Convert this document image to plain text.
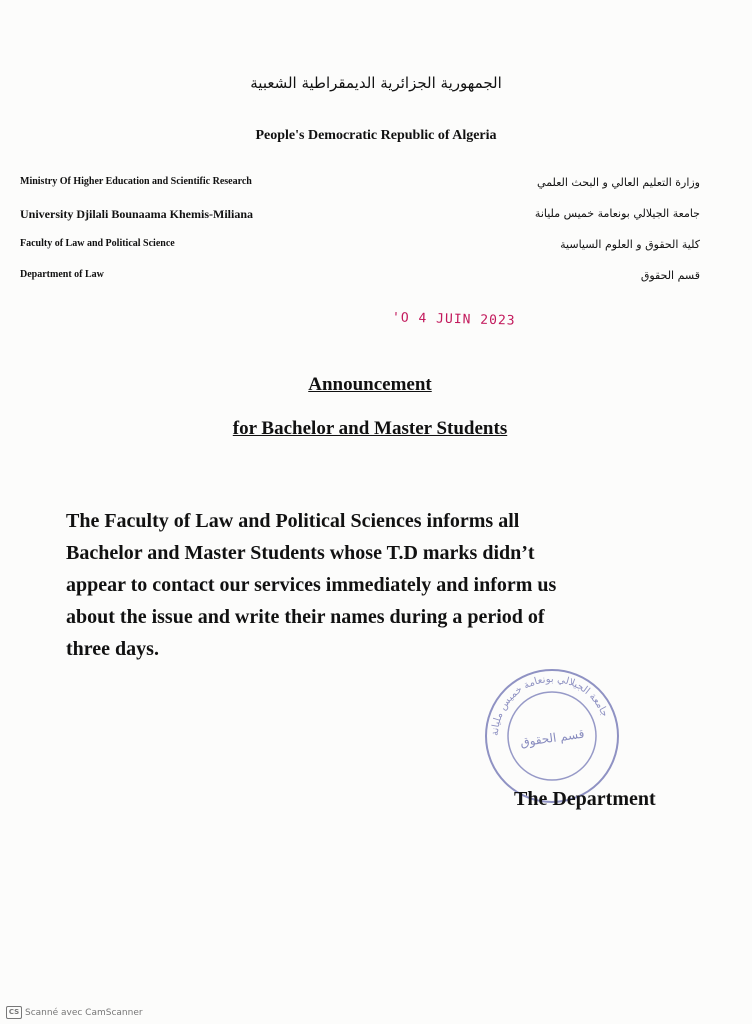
الجمهورية الجزائرية الديمقراطية الشعبية
People's Democratic Republic of Algeria
Ministry Of Higher Education and Scientific Research
University Djilali Bounaama Khemis-Miliana
Faculty of Law and Political Science
Department of Law
وزارة التعليم العالي و البحث العلمي
جامعة الجيلالي بونعامة خميس مليانة
كلية الحقوق و العلوم السياسية
قسم الحقوق
'O 4 JUIN 2023
Announcement
for Bachelor and Master Students
The Faculty of Law and Political Sciences informs all
Bachelor and Master Students whose T.D marks didn’t
appear to contact our services immediately and inform us
about the issue and write their names during a period of
three days.
جامعة الجيلالي بونعامة خميس مليانة
قسم الحقوق
The Department
CS Scanné avec CamScanner
